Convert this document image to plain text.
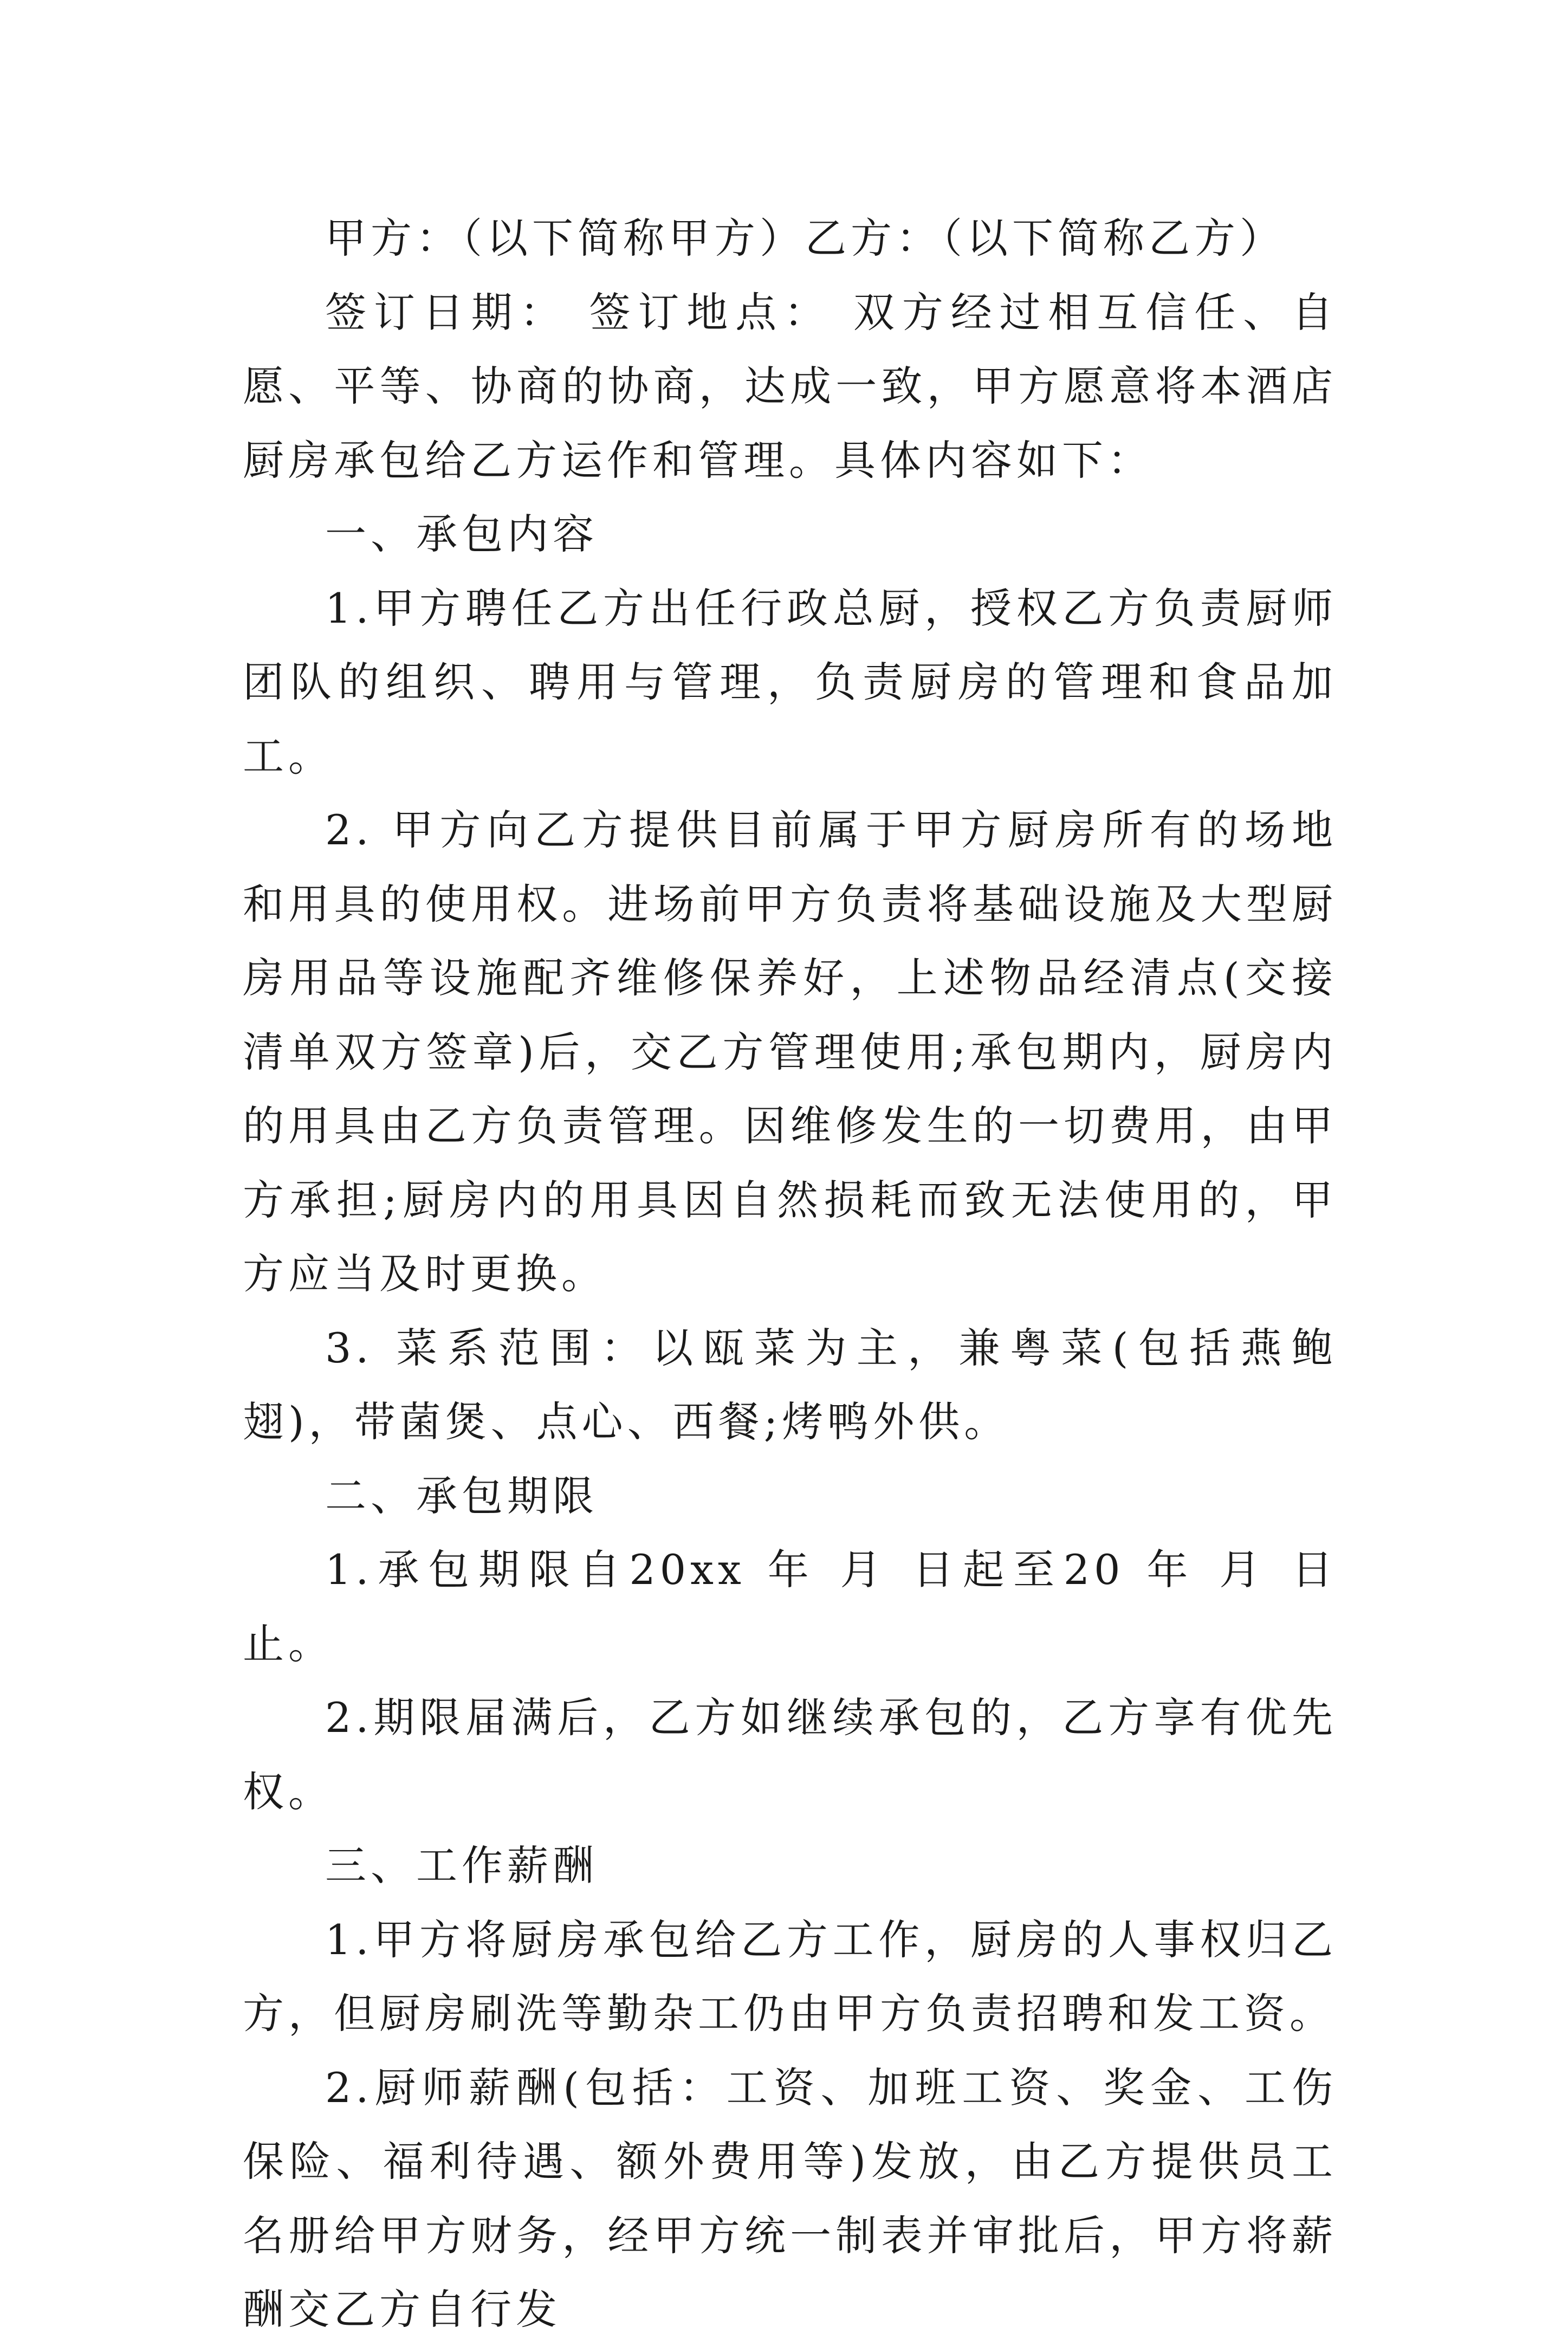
甲方：（以下简称甲方）乙方：（以下简称乙方）

签订日期： 签订地点： 双方经过相互信任、自愿、平等、协商的协商，达成一致，甲方愿意将本酒店厨房承包给乙方运作和管理。具体内容如下：

一、承包内容

1.甲方聘任乙方出任行政总厨，授权乙方负责厨师团队的组织、聘用与管理，负责厨房的管理和食品加工。

2. 甲方向乙方提供目前属于甲方厨房所有的场地和用具的使用权。进场前甲方负责将基础设施及大型厨房用品等设施配齐维修保养好，上述物品经清点(交接清单双方签章)后，交乙方管理使用;承包期内，厨房内的用具由乙方负责管理。因维修发生的一切费用，由甲方承担;厨房内的用具因自然损耗而致无法使用的，甲方应当及时更换。

3. 菜系范围：以瓯菜为主，兼粤菜(包括燕鲍翅)，带菌煲、点心、西餐;烤鸭外供。

二、承包期限

1.承包期限自20xx 年 月 日起至20 年 月 日止。

2.期限届满后，乙方如继续承包的，乙方享有优先权。

三、工作薪酬

1.甲方将厨房承包给乙方工作，厨房的人事权归乙方，但厨房刷洗等勤杂工仍由甲方负责招聘和发工资。

2.厨师薪酬(包括：工资、加班工资、奖金、工伤保险、福利待遇、额外费用等)发放，由乙方提供员工名册给甲方财务，经甲方统一制表并审批后，甲方将薪酬交乙方自行发
